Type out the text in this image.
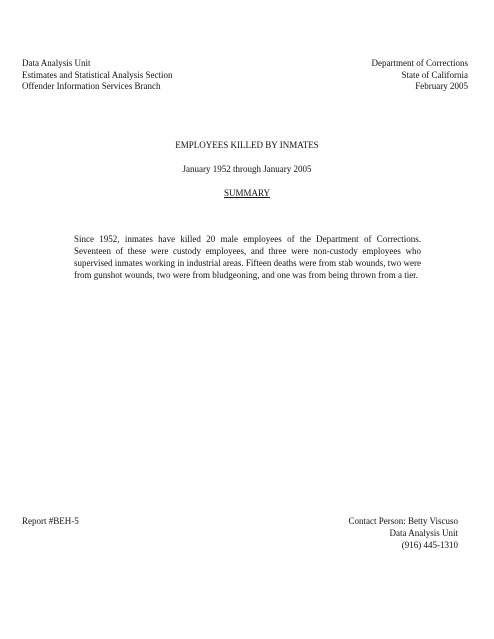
Data Analysis Unit
Estimates and Statistical Analysis Section
Offender Information Services Branch
Department of Corrections
State of California
February 2005
EMPLOYEES KILLED BY INMATES
January 1952 through January 2005
SUMMARY
Since 1952, inmates have killed 20 male employees of the Department of Corrections. Seventeen of these were custody employees, and three were non-custody employees who supervised inmates working in industrial areas. Fifteen deaths were from stab wounds, two were from gunshot wounds, two were from bludgeoning, and one was from being thrown from a tier.
Report #BEH-5	Contact Person: Betty Viscuso
Data Analysis Unit
(916) 445-1310
